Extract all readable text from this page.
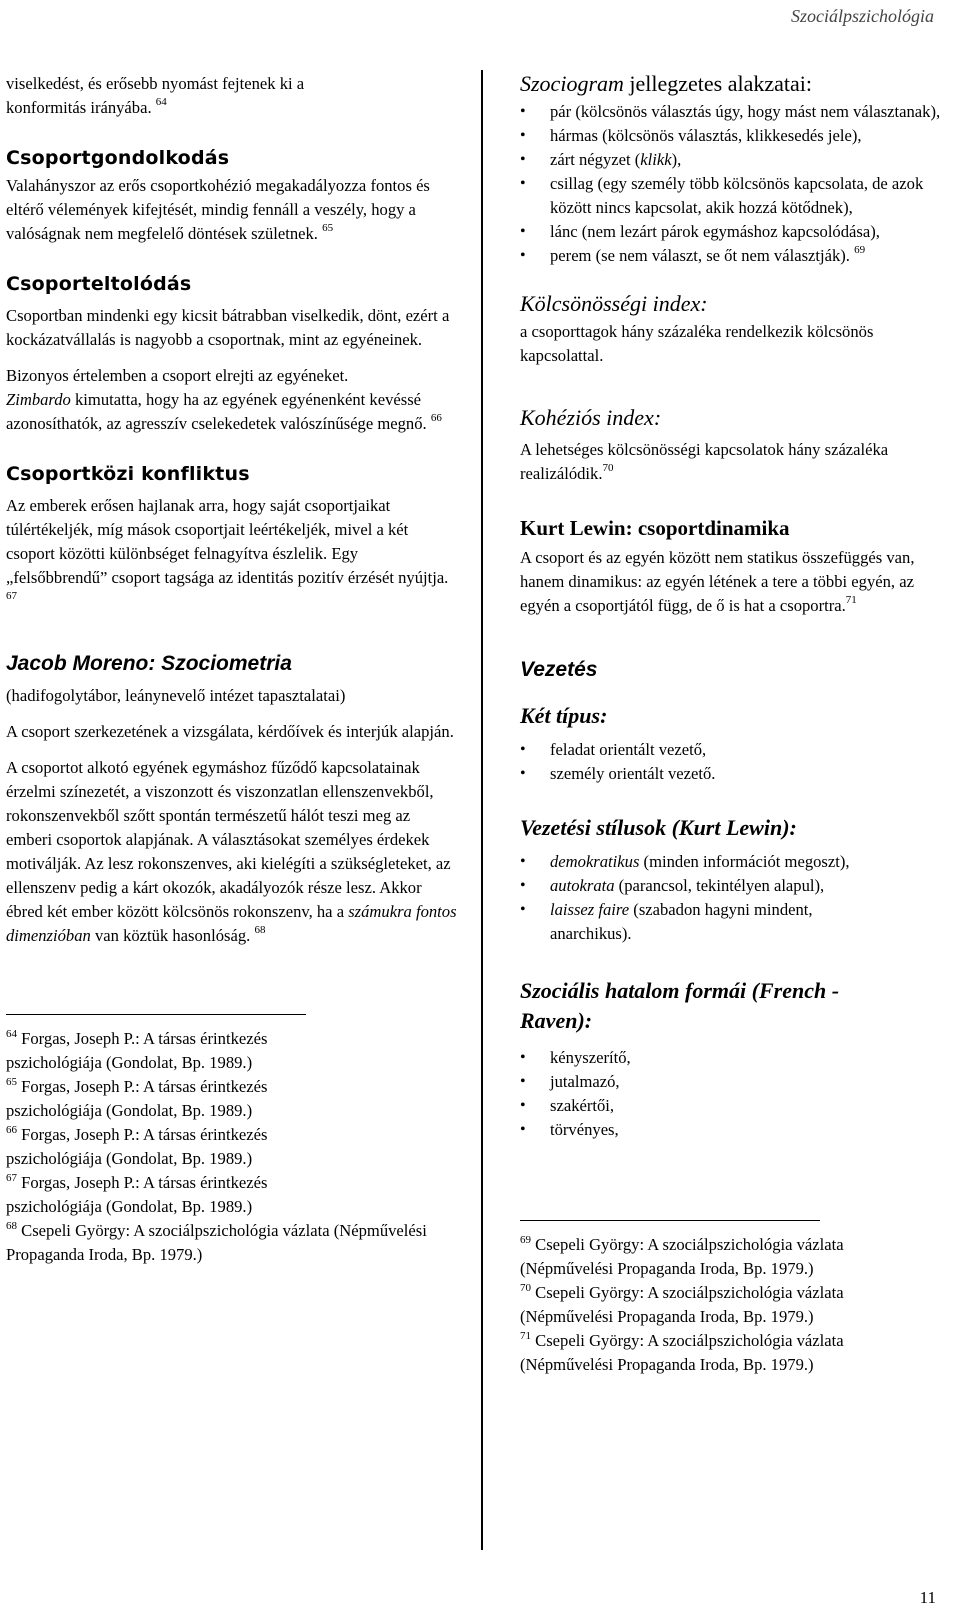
Szociálpszichológia
viselkedést, és erősebb nyomást fejtenek ki a
konformitás irányába. $^{64}$
Csoportgondolkodás
Valahányszor az erős csoportkohézió megakadályozza fontos és eltérő vélemények kifejtését, mindig fennáll a veszély, hogy a valóságnak nem megfelelő döntések születnek. $^{65}$
Csoporteltolódás
Csoportban mindenki egy kicsit bátrabban viselkedik, dönt, ezért a kockázatvállalás is nagyobb a csoportnak, mint az egyéneinek.
Bizonyos értelemben a csoport elrejti az egyéneket.
Zimbardo kimutatta, hogy ha az egyének egyénenként kevéssé azonosíthatók, az agresszív cselekedetek valószínűsége megnő. $^{66}$
Csoportközi konfliktus
Az emberek erősen hajlanak arra, hogy saját csoportjaikat túlértékeljék, míg mások csoportjait leértékeljék, mivel a két csoport közötti különbséget felnagyítva észlelik. Egy „felsőbbrendű” csoport tagsága az identitás pozitív érzését nyújtja. $^{67}$
Jacob Moreno: Szociometria
(hadifogolytábor, leánynevelő intézet tapasztalatai)
A csoport szerkezetének a vizsgálata, kérdőívek és interjúk alapján.
A csoportot alkotó egyének egymáshoz fűződő kapcsolatainak érzelmi színezetét, a viszonzott és viszonzatlan ellenszenvekből, rokonszenvekből szőtt spontán természetű hálót teszi meg az emberi csoportok alapjának. A választásokat személyes érdekek motiválják. Az lesz rokonszenves, aki kielégíti a szükségleteket, az ellenszenv pedig a kárt okozók, akadályozók része lesz. Akkor ébred két ember között kölcsönös rokonszenv, ha a számukra fontos dimenzióban van köztük hasonlóság. $^{68}$
$^{64}$ Forgas, Joseph P.: A társas érintkezés pszichológiája (Gondolat, Bp. 1989.)
$^{65}$ Forgas, Joseph P.: A társas érintkezés pszichológiája (Gondolat, Bp. 1989.)
$^{66}$ Forgas, Joseph P.: A társas érintkezés pszichológiája (Gondolat, Bp. 1989.)
$^{67}$ Forgas, Joseph P.: A társas érintkezés pszichológiája (Gondolat, Bp. 1989.)
$^{68}$ Csepeli György: A szociálpszichológia vázlata (Népművelési Propaganda Iroda, Bp. 1979.)
Szociogram jellegzetes alakzatai:
• pár (kölcsönös választás úgy, hogy mást nem választanak),
• hármas (kölcsönös választás, klikkesedés jele),
• zárt négyzet (klikk),
• csillag (egy személy több kölcsönös kapcsolata, de azok között nincs kapcsolat, akik hozzá kötődnek),
• lánc (nem lezárt párok egymáshoz kapcsolódása),
• perem (se nem választ, se őt nem választják). $^{69}$
Kölcsönösségi index:
a csoporttagok hány százaléka rendelkezik kölcsönös kapcsolattal.
Kohéziós index:
A lehetséges kölcsönösségi kapcsolatok hány százaléka realizálódik.$^{70}$
Kurt Lewin: csoportdinamika
A csoport és az egyén között nem statikus összefüggés van, hanem dinamikus: az egyén létének a tere a többi egyén, az egyén a csoportjától függ, de ő is hat a csoportra.$^{71}$
Vezetés
Két típus:
• feladat orientált vezető,
• személy orientált vezető.
Vezetési stílusok (Kurt Lewin):
• demokratikus (minden információt megoszt),
• autokrata (parancsol, tekintélyen alapul),
• laissez faire (szabadon hagyni mindent, anarchikus).
Szociális hatalom formái (French - Raven):
• kényszerítő,
• jutalmazó,
• szakértői,
• törvényes,
$^{69}$ Csepeli György: A szociálpszichológia vázlata (Népművelési Propaganda Iroda, Bp. 1979.)
$^{70}$ Csepeli György: A szociálpszichológia vázlata (Népművelési Propaganda Iroda, Bp. 1979.)
$^{71}$ Csepeli György: A szociálpszichológia vázlata (Népművelési Propaganda Iroda, Bp. 1979.)
11
